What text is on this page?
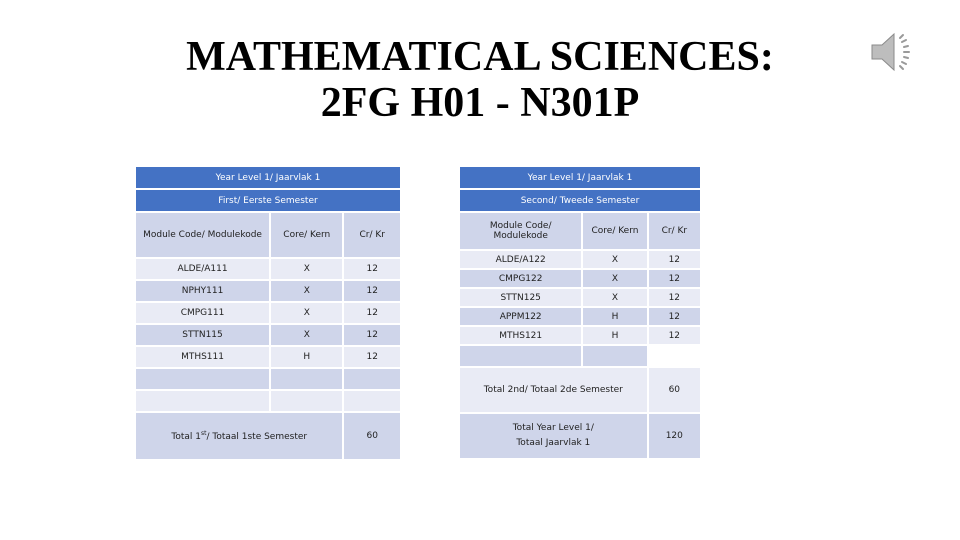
MATHEMATICAL SCIENCES:
2FG H01 - N301P
Year Level 1/ Jaarvlak 1		
First/ Eerste Semester		
Module Code/ Modulekode	Core/ Kern	Cr/ Kr
ALDE/A111	X	12
NPHY111	X	12
CMPG111	X	12
STTN115	X	12
MTHS111	H	12

Total 1st/ Totaal 1ste Semester		60
Year Level 1/ Jaarvlak 1		
Second/ Tweede Semester		
Module Code/ Modulekode	Core/ Kern	Cr/ Kr
ALDE/A122	X	12
CMPG122	X	12
STTN125	X	12
APPM122	H	12
MTHS121	H	12

Total 2nd/ Totaal 2de Semester		60

Total Year Level 1/
Totaal Jaarvlak 1		120
